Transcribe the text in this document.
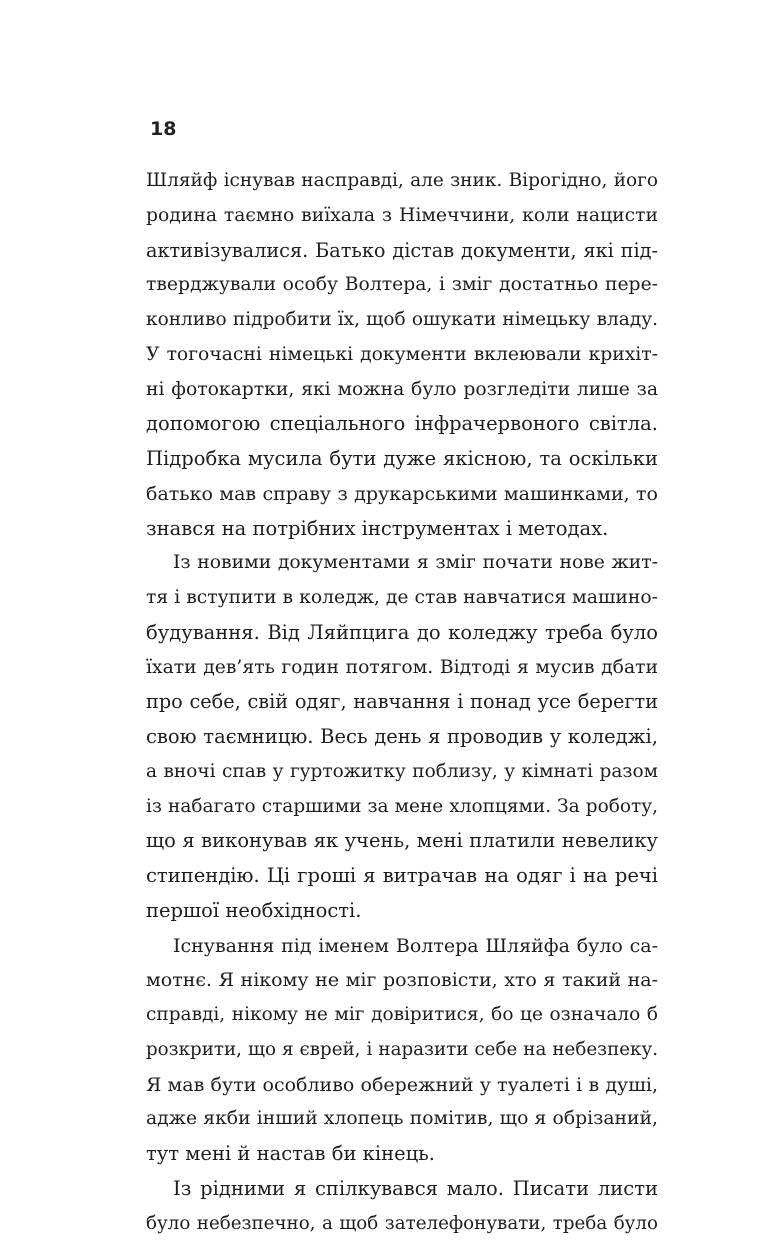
18
Шляйф існував насправді, але зник. Вірогідно, його
родина таємно виїхала з Німеччини, коли нацисти
активізувалися. Батько дістав документи, які під-
тверджували особу Волтера, і зміг достатньо пере-
конливо підробити їх, щоб ошукати німецьку владу.
У тогочасні німецькі документи вклеювали крихіт-
ні фотокартки, які можна було розгледіти лише за
допомогою спеціального інфрачервоного світла.
Підробка мусила бути дуже якісною, та оскільки
батько мав справу з друкарськими машинками, то
знався на потрібних інструментах і методах.
Із новими документами я зміг почати нове жит-
тя і вступити в коледж, де став навчатися машино-
будування. Від Ляйпцига до коледжу треба було
їхати дев’ять годин потягом. Відтоді я мусив дбати
про себе, свій одяг, навчання і понад усе берегти
свою таємницю. Весь день я проводив у коледжі,
а вночі спав у гуртожитку поблизу, у кімнаті разом
із набагато старшими за мене хлопцями. За роботу,
що я виконував як учень, мені платили невелику
стипендію. Ці гроші я витрачав на одяг і на речі
першої необхідності.
Існування під іменем Волтера Шляйфа було са-
мотнє. Я нікому не міг розповісти, хто я такий на-
справді, нікому не міг довіритися, бо це означало б
розкрити, що я єврей, і наразити себе на небезпеку.
Я мав бути особливо обережний у туалеті і в душі,
адже якби інший хлопець помітив, що я обрізаний,
тут мені й настав би кінець.
Із рідними я спілкувався мало. Писати листи
було небезпечно, а щоб зателефонувати, треба було
